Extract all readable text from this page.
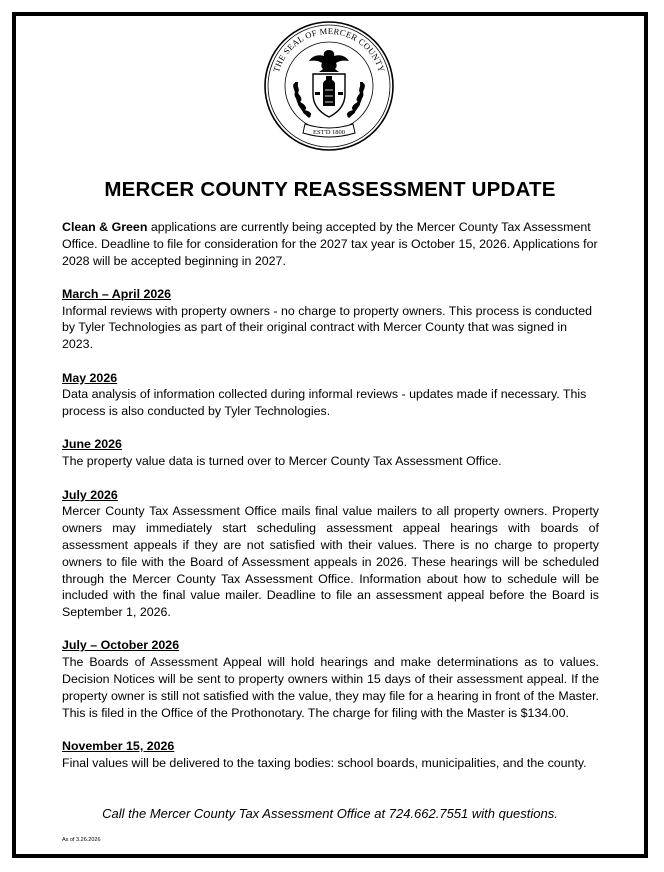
THE SEAL OF MERCER COUNTY
EST'D 1800
MERCER COUNTY REASSESSMENT UPDATE

Clean & Green applications are currently being accepted by the Mercer County Tax Assessment Office. Deadline to file for consideration for the 2027 tax year is October 15, 2026. Applications for 2028 will be accepted beginning in 2027.

March – April 2026

Informal reviews with property owners - no charge to property owners. This process is conducted by Tyler Technologies as part of their original contract with Mercer County that was signed in 2023.

May 2026

Data analysis of information collected during informal reviews - updates made if necessary. This process is also conducted by Tyler Technologies.

June 2026

The property value data is turned over to Mercer County Tax Assessment Office.

July 2026

Mercer County Tax Assessment Office mails final value mailers to all property owners. Property owners may immediately start scheduling assessment appeal hearings with boards of assessment appeals if they are not satisfied with their values. There is no charge to property owners to file with the Board of Assessment appeals in 2026. These hearings will be scheduled through the Mercer County Tax Assessment Office. Information about how to schedule will be included with the final value mailer. Deadline to file an assessment appeal before the Board is September 1, 2026.

July – October 2026

The Boards of Assessment Appeal will hold hearings and make determinations as to values. Decision Notices will be sent to property owners within 15 days of their assessment appeal. If the property owner is still not satisfied with the value, they may file for a hearing in front of the Master. This is filed in the Office of the Prothonotary. The charge for filing with the Master is $134.00.

November 15, 2026

Final values will be delivered to the taxing bodies: school boards, municipalities, and the county.

Call the Mercer County Tax Assessment Office at 724.662.7551 with questions.
As of 3.26.2026
